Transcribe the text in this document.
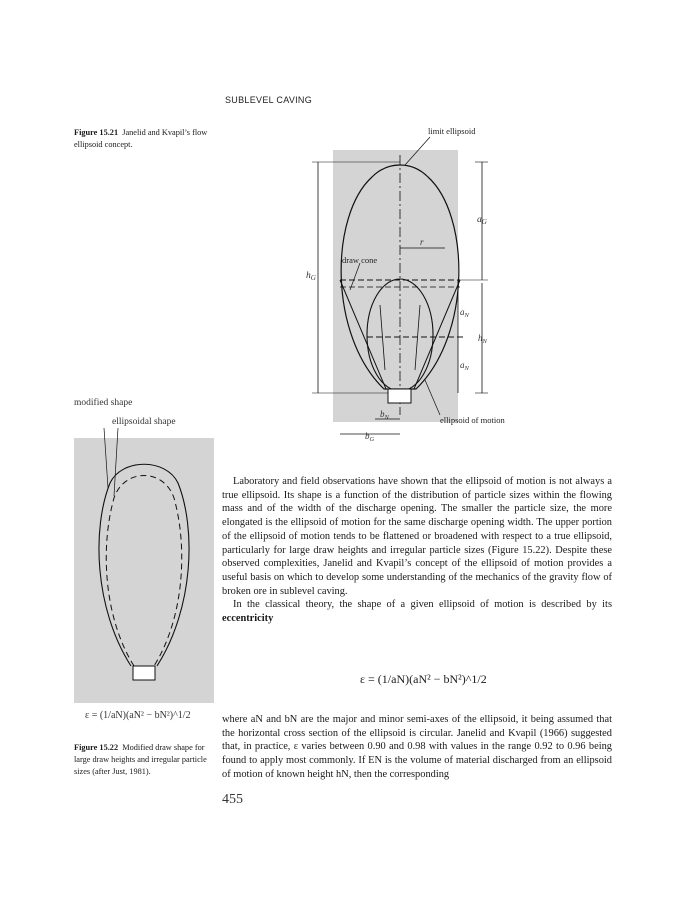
SUBLEVEL CAVING
Figure 15.21 Janelid and Kvapil’s flow ellipsoid concept.
$h_G$
$a_G$
$a_N$
$a_N$
$h_N$
r
$b_N$
$b_G$
limit ellipsoid
draw cone
ellipsoid of motion
modified shape
ellipsoidal shape
ε = (1/aN)(aN² − bN²)^1/2
Figure 15.22 Modified draw shape for large draw heights and irregular particle sizes (after Just, 1981).

Laboratory and field observations have shown that the ellipsoid of motion is not always a true ellipsoid. Its shape is a function of the distribution of particle sizes within the flowing mass and of the width of the discharge opening. The smaller the particle size, the more elongated is the ellipsoid of motion for the same discharge opening width. The upper portion of the ellipsoid of motion tends to be flattened or broadened with respect to a true ellipsoid, particularly for large draw heights and irregular particle sizes (Figure 15.22). Despite these observed complexities, Janelid and Kvapil’s concept of the ellipsoid of motion provides a useful basis on which to develop some understanding of the mechanics of the gravity flow of broken ore in sublevel caving.

In the classical theory, the shape of a given ellipsoid of motion is described by its eccentricity

ε = (1/aN)(aN² − bN²)^1/2
where aN and bN are the major and minor semi-axes of the ellipsoid, it being assumed that the horizontal cross section of the ellipsoid is circular. Janelid and Kvapil (1966) suggested that, in practice, ε varies between 0.90 and 0.98 with values in the range 0.92 to 0.96 being found to apply most commonly. If EN is the volume of material discharged from an ellipsoid of motion of known height hN, then the corresponding
455
